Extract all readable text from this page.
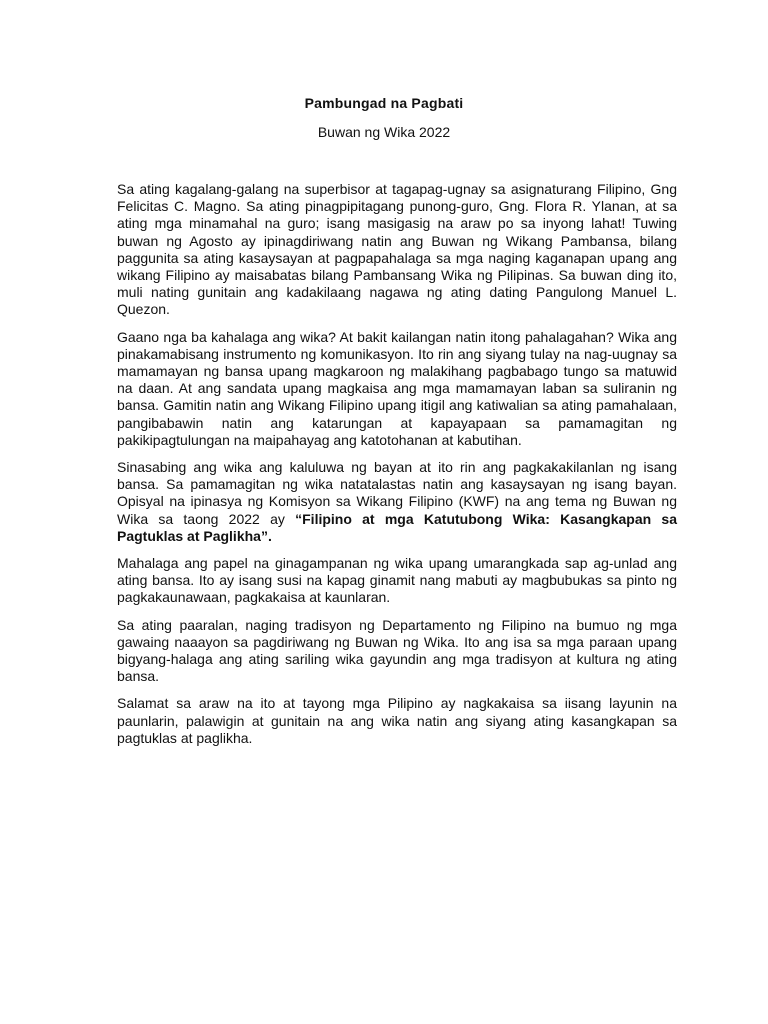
Pambungad na Pagbati
Buwan ng Wika 2022

Sa ating kagalang-galang na superbisor at tagapag-ugnay sa asignaturang Filipino, Gng Felicitas C. Magno. Sa ating pinagpipitagang punong-guro, Gng. Flora R. Ylanan, at sa ating mga minamahal na guro; isang masigasig na araw po sa inyong lahat! Tuwing buwan ng Agosto ay ipinagdiriwang natin ang Buwan ng Wikang Pambansa, bilang paggunita sa ating kasaysayan at pagpapahalaga sa mga naging kaganapan upang ang wikang Filipino ay maisabatas bilang Pambansang Wika ng Pilipinas. Sa buwan ding ito, muli nating gunitain ang kadakilaang nagawa ng ating dating Pangulong Manuel L. Quezon.

Gaano nga ba kahalaga ang wika? At bakit kailangan natin itong pahalagahan? Wika ang pinakamabisang instrumento ng komunikasyon. Ito rin ang siyang tulay na nag-uugnay sa mamamayan ng bansa upang magkaroon ng malakihang pagbabago tungo sa matuwid na daan. At ang sandata upang magkaisa ang mga mamamayan laban sa suliranin ng bansa. Gamitin natin ang Wikang Filipino upang itigil ang katiwalian sa ating pamahalaan, pangibabawin natin ang katarungan at kapayapaan sa pamamagitan ng pakikipagtulungan na maipahayag ang katotohanan at kabutihan.

Sinasabing ang wika ang kaluluwa ng bayan at ito rin ang pagkakakilanlan ng isang bansa. Sa pamamagitan ng wika natatalastas natin ang kasaysayan ng isang bayan. Opisyal na ipinasya ng Komisyon sa Wikang Filipino (KWF) na ang tema ng Buwan ng Wika sa taong 2022 ay “Filipino at mga Katutubong Wika: Kasangkapan sa Pagtuklas at Paglikha”.

Mahalaga ang papel na ginagampanan ng wika upang umarangkada sap ag-unlad ang ating bansa. Ito ay isang susi na kapag ginamit nang mabuti ay magbubukas sa pinto ng pagkakaunawaan, pagkakaisa at kaunlaran.

Sa ating paaralan, naging tradisyon ng Departamento ng Filipino na bumuo ng mga gawaing naaayon sa pagdiriwang ng Buwan ng Wika. Ito ang isa sa mga paraan upang bigyang-halaga ang ating sariling wika gayundin ang mga tradisyon at kultura ng ating bansa.

Salamat sa araw na ito at tayong mga Pilipino ay nagkakaisa sa iisang layunin na paunlarin, palawigin at gunitain na ang wika natin ang siyang ating kasangkapan sa pagtuklas at paglikha.
